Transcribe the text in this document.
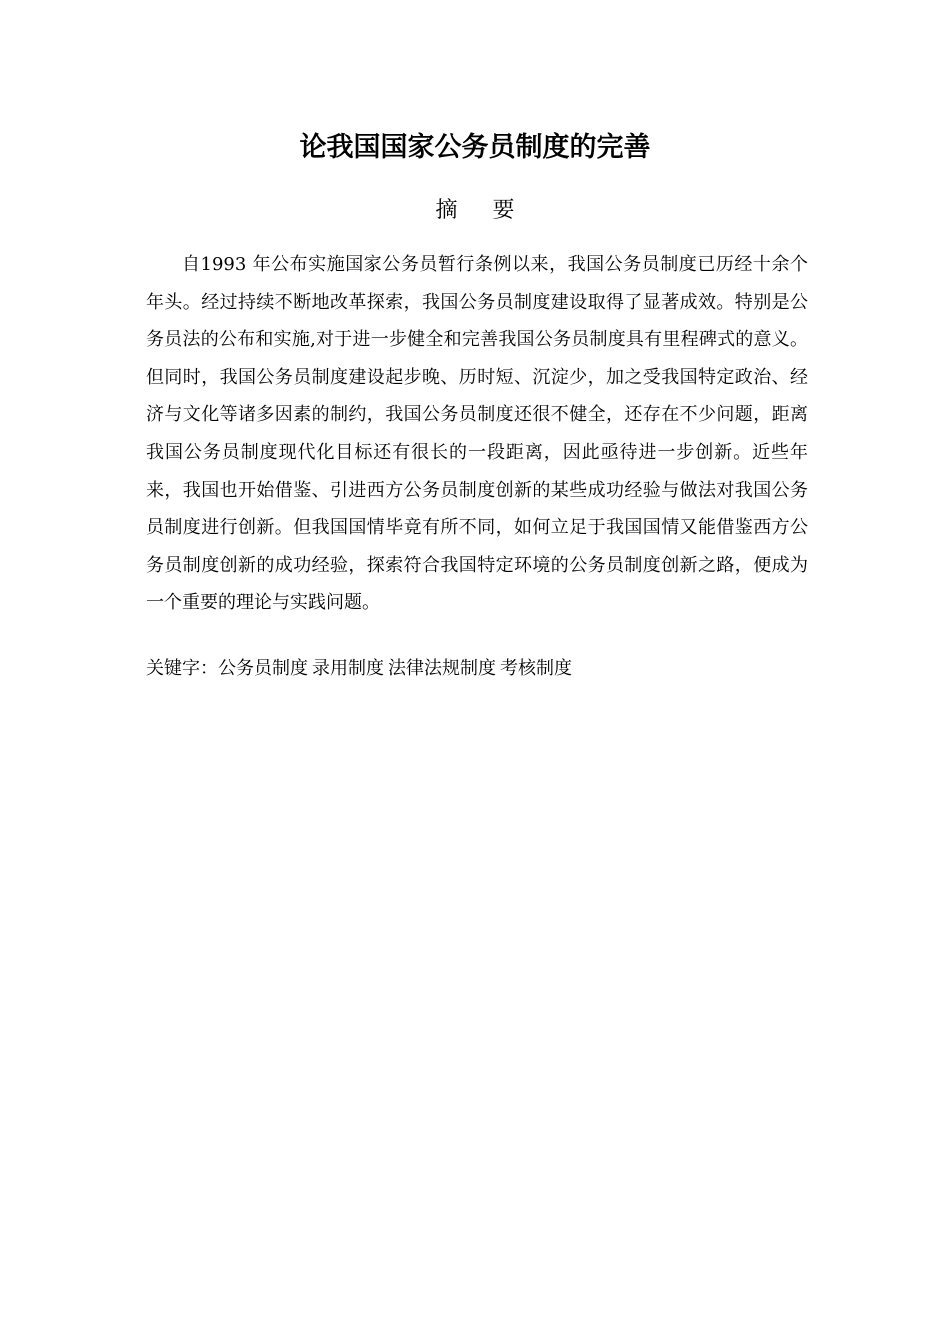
论我国国家公务员制度的完善
摘 要

自1993 年公布实施国家公务员暂行条例以来，我国公务员制度已历经十余个年头。经过持续不断地改革探索，我国公务员制度建设取得了显著成效。特别是公务员法的公布和实施,对于进一步健全和完善我国公务员制度具有里程碑式的意义。但同时，我国公务员制度建设起步晚、历时短、沉淀少，加之受我国特定政治、经济与文化等诸多因素的制约，我国公务员制度还很不健全，还存在不少问题，距离我国公务员制度现代化目标还有很长的一段距离，因此亟待进一步创新。近些年来，我国也开始借鉴、引进西方公务员制度创新的某些成功经验与做法对我国公务员制度进行创新。但我国国情毕竟有所不同，如何立足于我国国情又能借鉴西方公务员制度创新的成功经验，探索符合我国特定环境的公务员制度创新之路，便成为一个重要的理论与实践问题。

关键字：公务员制度 录用制度 法律法规制度 考核制度
